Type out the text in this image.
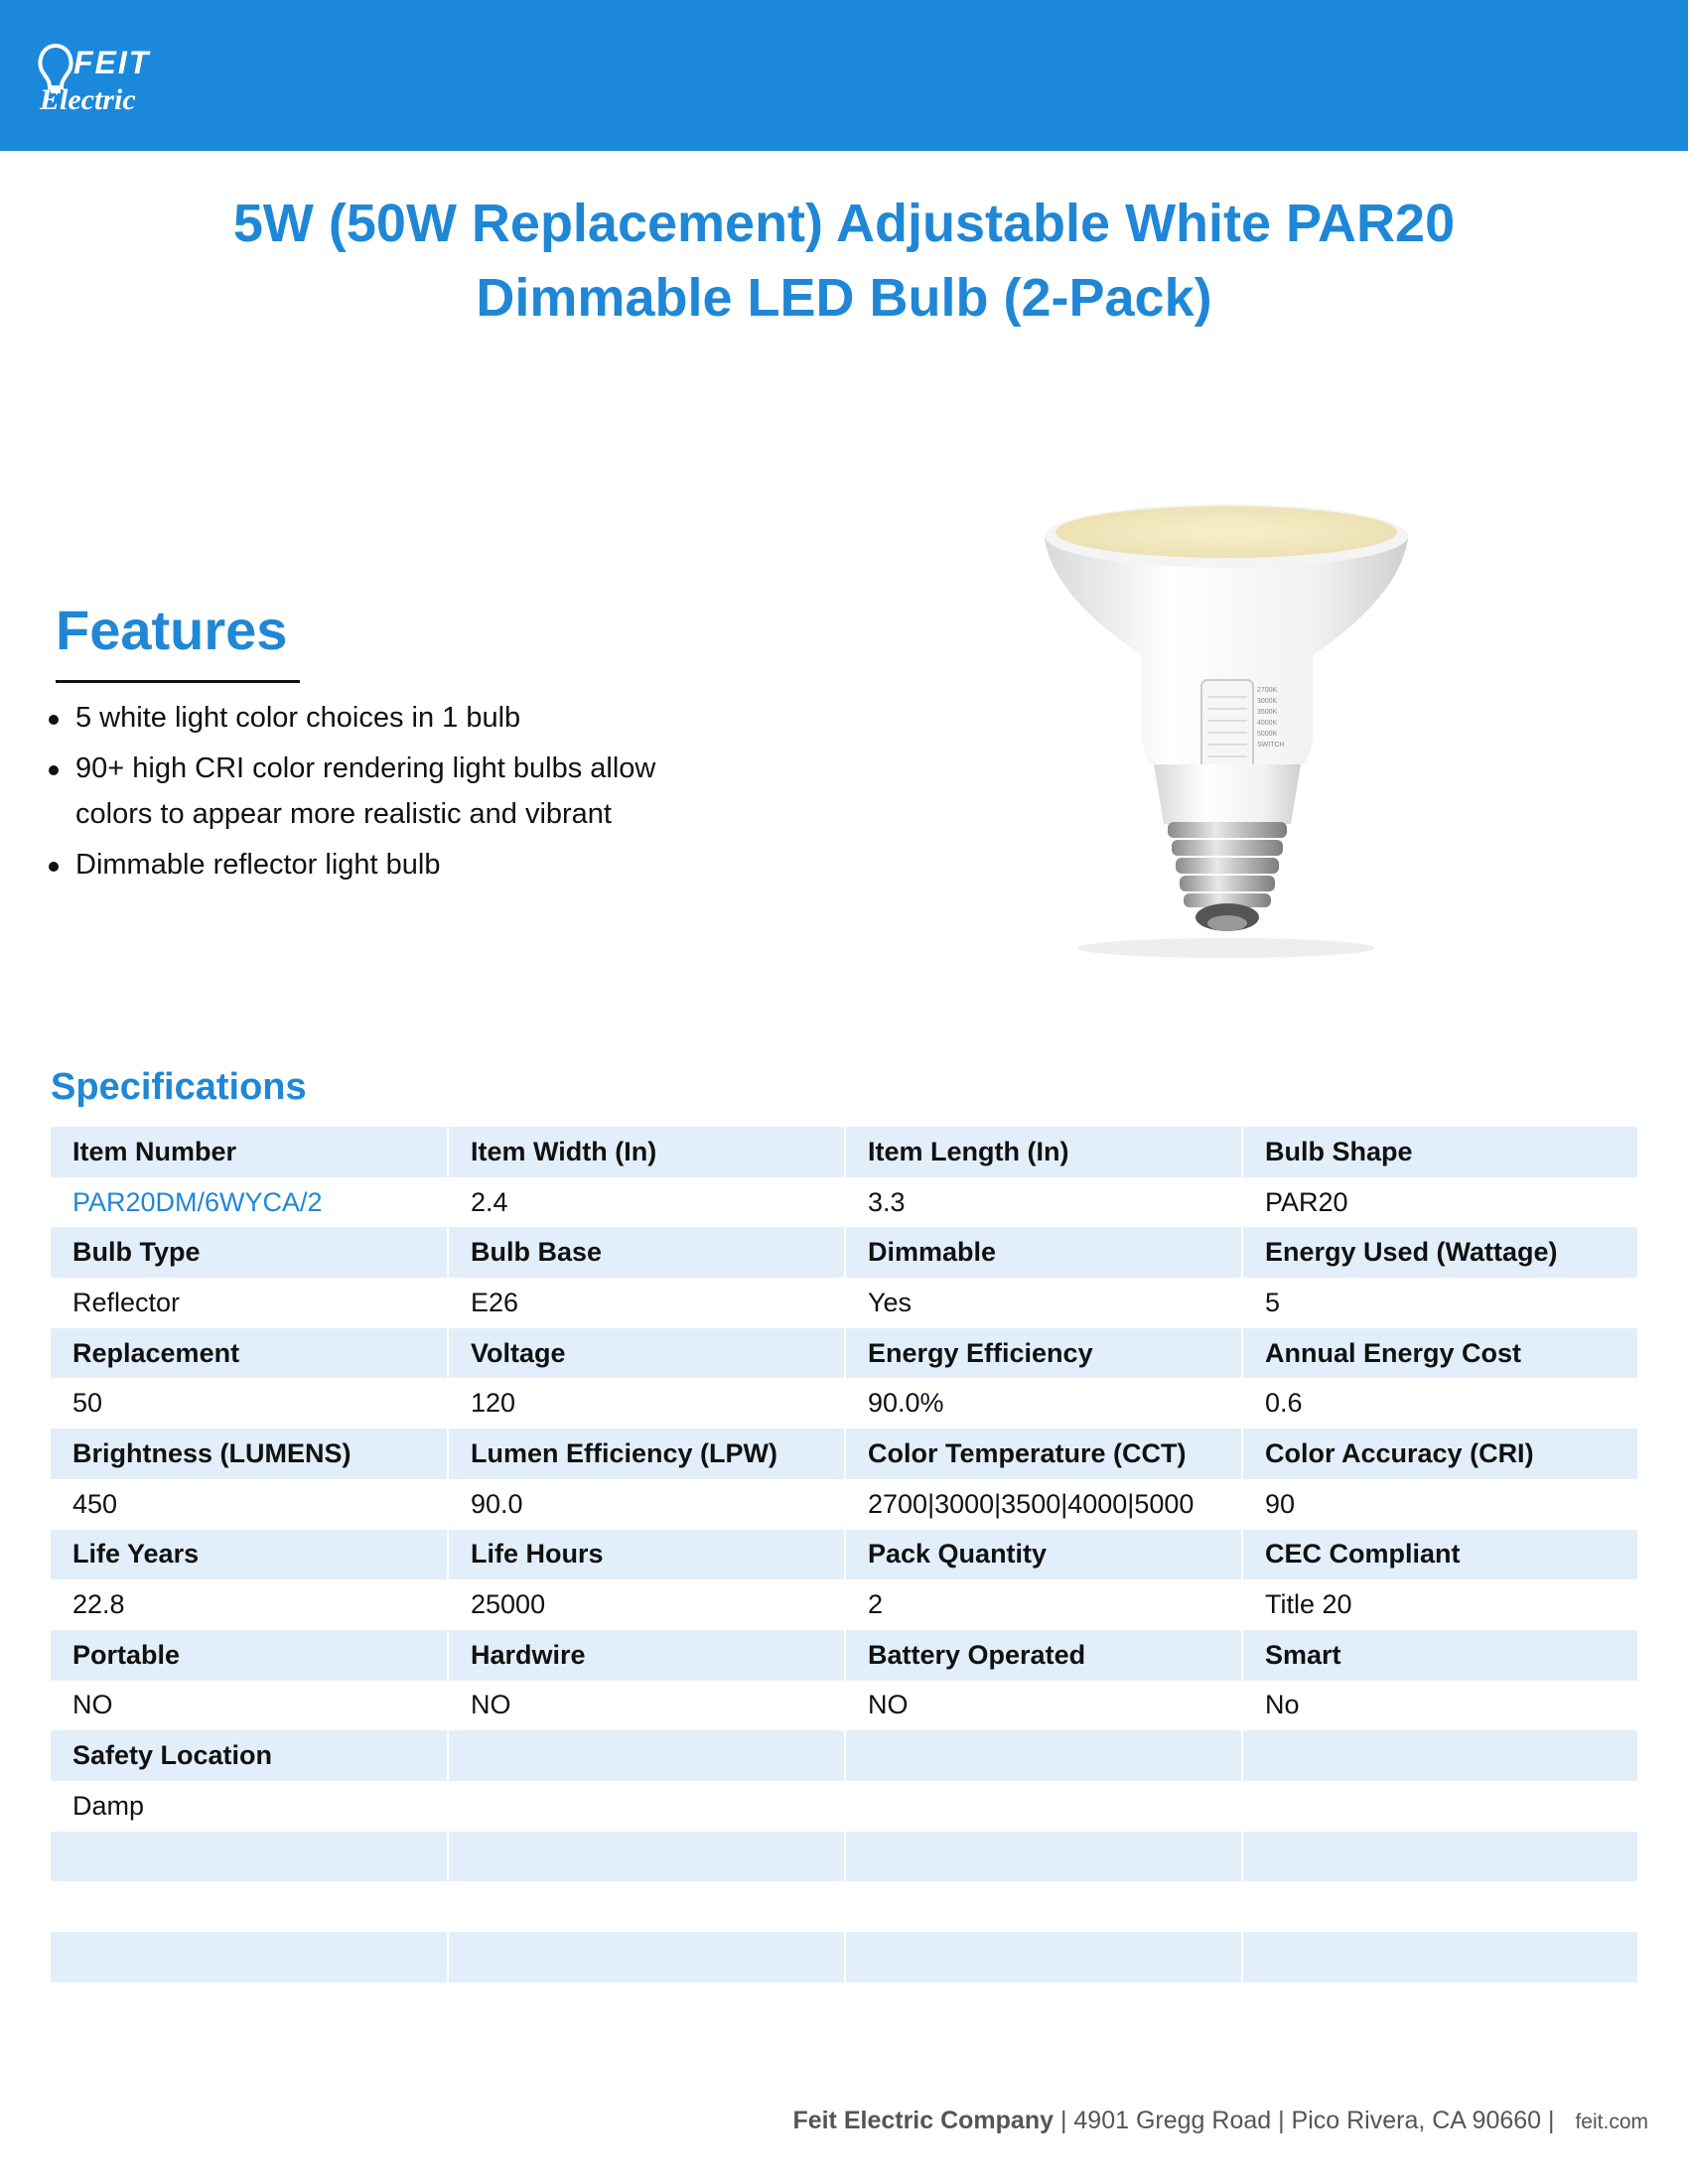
FEIT
Electric
5W (50W Replacement) Adjustable White PAR20
Dimmable LED Bulb (2-Pack)
Features
5 white light color choices in 1 bulb
90+ high CRI color rendering light bulbs allow colors to appear more realistic and vibrant
Dimmable reflector light bulb
2700K
3000K
3500K
4000K
5000K
SWITCH
Specifications
Item Number	Item Width (In)	Item Length (In)	Bulb Shape
PAR20DM/6WYCA/2	2.4	3.3	PAR20
Bulb Type	Bulb Base	Dimmable	Energy Used (Wattage)
Reflector	E26	Yes	5
Replacement	Voltage	Energy Efficiency	Annual Energy Cost
50	120	90.0%	0.6
Brightness (LUMENS)	Lumen Efficiency (LPW)	Color Temperature (CCT)	Color Accuracy (CRI)
450	90.0	2700|3000|3500|4000|5000	90
Life Years	Life Hours	Pack Quantity	CEC Compliant
22.8	25000	2	Title 20
Portable	Hardwire	Battery Operated	Smart
NO	NO	NO	No
Safety Location			
Damp			

Feit Electric Company | 4901 Gregg Road | Pico Rivera, CA 90660 | feit.com
